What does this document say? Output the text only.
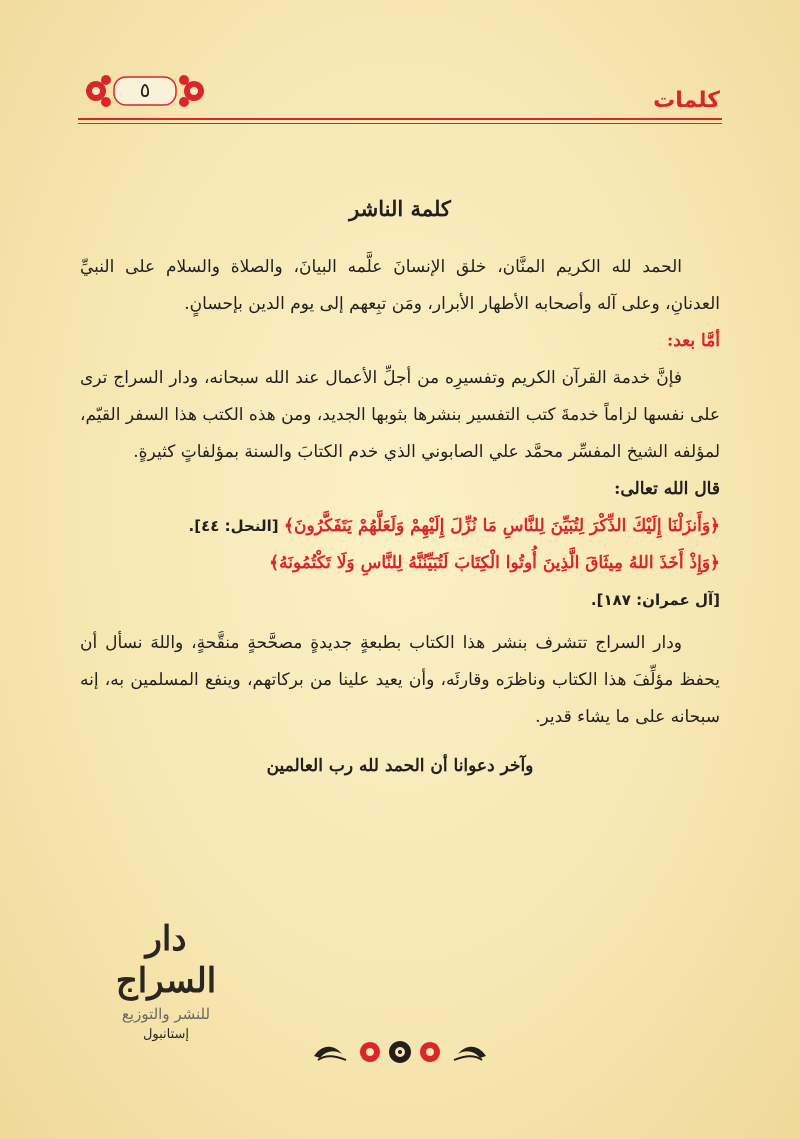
٥	كلمات
كلمة الناشر

الحمد لله الكريم المنَّان، خلق الإنسانَ علَّمه البيانَ، والصلاة والسلام على النبيِّ العدنانِ، وعلى آله وأصحابه الأطهار الأبرار، ومَن تبِعهم إلى يوم الدين بإحسانٍ.

أمَّا بعد:

فإنَّ خدمة القرآن الكريم وتفسيرِه من أجلِّ الأعمال عند الله سبحانه، ودار السراج ترى على نفسها لزاماً خدمةَ كتب التفسير بنشرها بثوبها الجديد، ومن هذه الكتب هذا السفر القيّم، لمؤلفه الشيخ المفسِّر محمَّد علي الصابوني الذي خدم الكتابَ والسنة بمؤلفاتٍ كثيرةٍ.

قال الله تعالى:

﴿وَأَنزَلْنَا إِلَيْكَ الذِّكْرَ لِتُبَيِّنَ لِلنَّاسِ مَا نُزِّلَ إِلَيْهِمْ وَلَعَلَّهُمْ يَتَفَكَّرُونَ﴾ [النحل: ٤٤].

﴿وَإِذْ أَخَذَ اللهُ مِيثَاقَ الَّذِينَ أُوتُوا الْكِتَابَ لَتُبَيِّنُنَّهُ لِلنَّاسِ وَلَا تَكْتُمُونَهُ﴾

[آل عمران: ١٨٧].

ودار السراج تتشرف بنشر هذا الكتاب بطبعةٍ جديدةٍ مصحَّحةٍ منقَّحةٍ، واللهَ نسأل أن يحفظ مؤلِّفَ هذا الكتاب وناظرَه وقارئَه، وأن يعيد علينا من بركاتهم، وينفع المسلمين به، إنه سبحانه على ما يشاء قدير.

وآخر دعوانا أن الحمد لله رب العالمين

دار السراج
للنشر والتوزيع
إستانبول
